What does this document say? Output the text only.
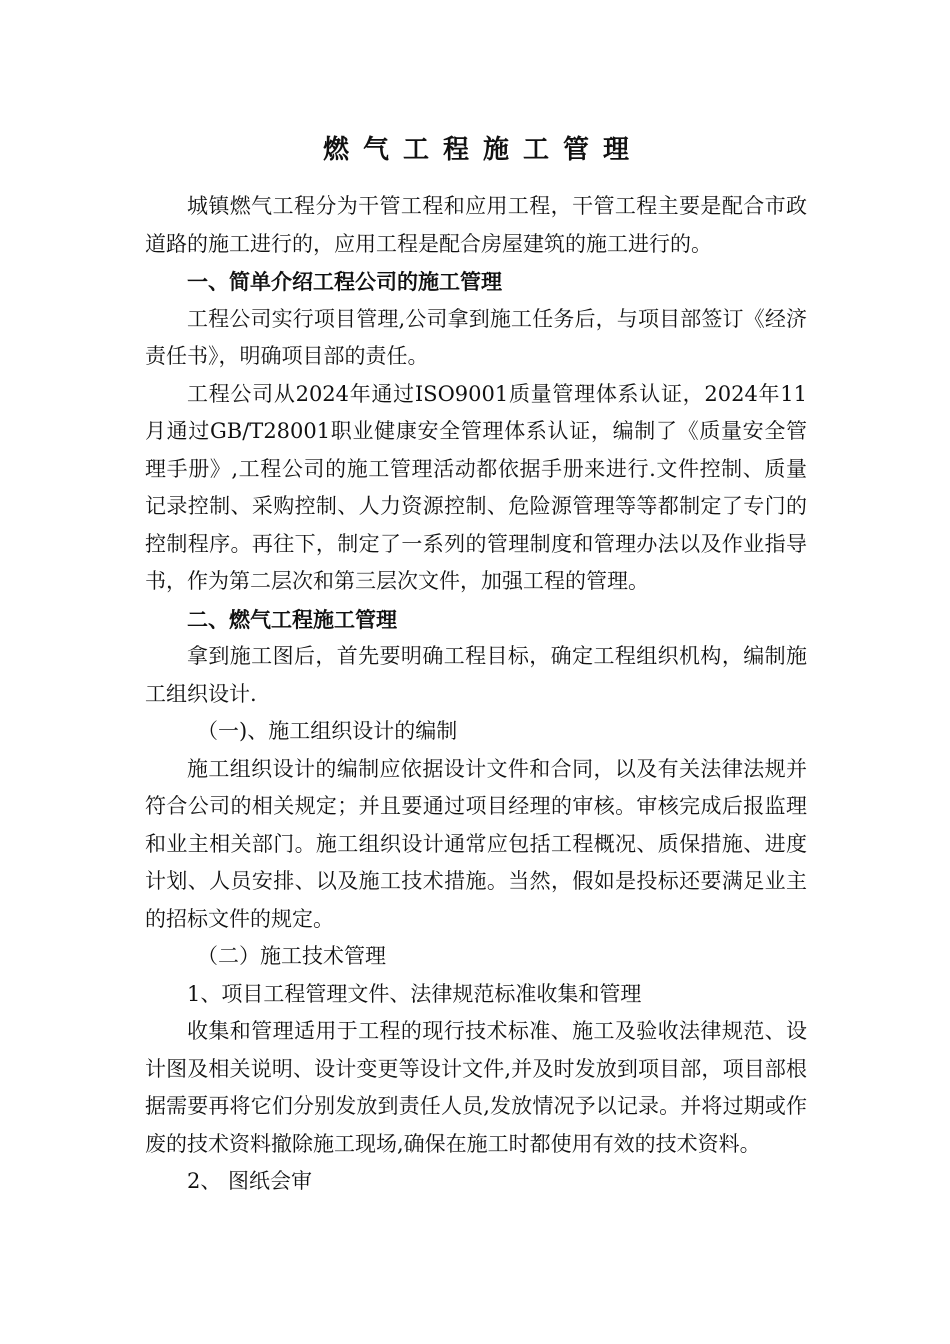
燃气工程施工管理

城镇燃气工程分为干管工程和应用工程，干管工程主要是配合市政道路的施工进行的，应用工程是配合房屋建筑的施工进行的。

一、简单介绍工程公司的施工管理

工程公司实行项目管理,公司拿到施工任务后，与项目部签订《经济责任书》，明确项目部的责任。

工程公司从2024年通过ISO9001质量管理体系认证，2024年11月通过GB/T28001职业健康安全管理体系认证，编制了《质量安全管理手册》,工程公司的施工管理活动都依据手册来进行.文件控制、质量记录控制、采购控制、人力资源控制、危险源管理等等都制定了专门的控制程序。再往下，制定了一系列的管理制度和管理办法以及作业指导书，作为第二层次和第三层次文件，加强工程的管理。

二、燃气工程施工管理

拿到施工图后，首先要明确工程目标，确定工程组织机构，编制施工组织设计.

（一)、施工组织设计的编制

施工组织设计的编制应依据设计文件和合同，以及有关法律法规并符合公司的相关规定；并且要通过项目经理的审核。审核完成后报监理和业主相关部门。施工组织设计通常应包括工程概况、质保措施、进度计划、人员安排、以及施工技术措施。当然，假如是投标还要满足业主的招标文件的规定。

（二）施工技术管理

1、项目工程管理文件、法律规范标准收集和管理

收集和管理适用于工程的现行技术标准、施工及验收法律规范、设计图及相关说明、设计变更等设计文件,并及时发放到项目部，项目部根据需要再将它们分别发放到责任人员,发放情况予以记录。并将过期或作废的技术资料撤除施工现场,确保在施工时都使用有效的技术资料。

2、 图纸会审
